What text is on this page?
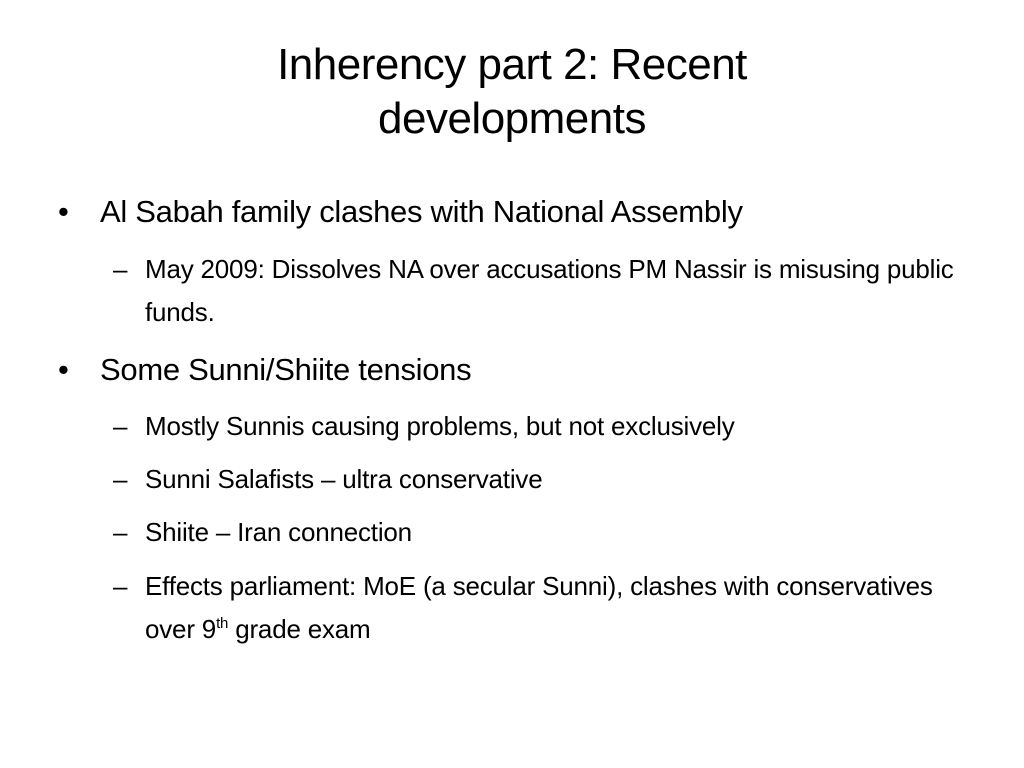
Inherency part 2: Recent
developments
•	Al Sabah family clashes with National Assembly
– May 2009: Dissolves NA over accusations PM Nassir is misusing public funds.
•	Some Sunni/Shiite tensions
– Mostly Sunnis causing problems, but not exclusively
– Sunni Salafists – ultra conservative
– Shiite – Iran connection
– Effects parliament: MoE (a secular Sunni), clashes with conservatives over 9th grade exam
